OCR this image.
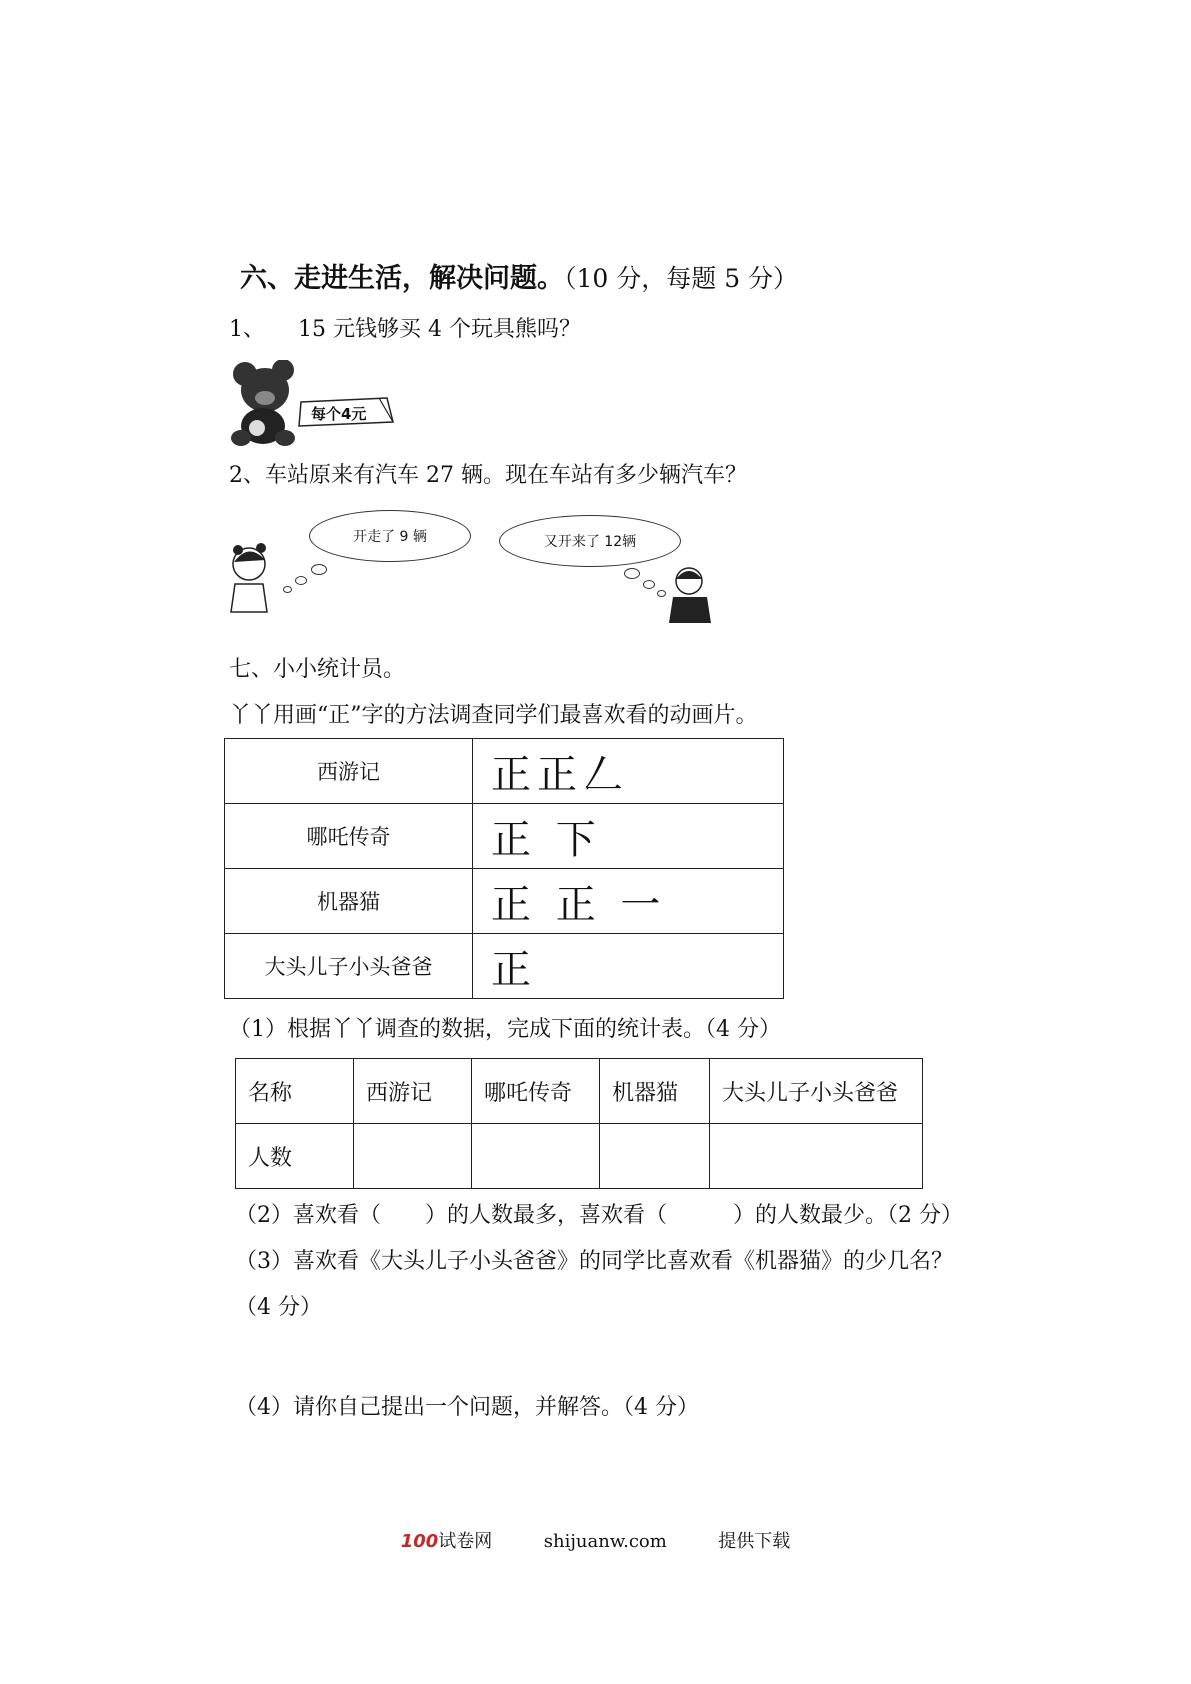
六、走进生活，解决问题。（10 分，每题 5 分）
1、　　15 元钱够买 4 个玩具熊吗？
每个4元
2、车站原来有汽车 27 辆。现在车站有多少辆汽车？
开走了 9 辆	又开来了 12辆
七、小小统计员。
丫丫用画“正”字的方法调查同学们最喜欢看的动画片。
西游记	正正𠃋
哪吒传奇	正 下
机器猫	正 正 一
大头儿子小头爸爸	正
（1）根据丫丫调查的数据，完成下面的统计表。（4 分）
名称	西游记	哪吒传奇	机器猫	大头儿子小头爸爸
人数				
（2）喜欢看（　　）的人数最多，喜欢看（　　　）的人数最少。（2 分）
（3）喜欢看《大头儿子小头爸爸》的同学比喜欢看《机器猫》的少几名？
（4 分）
（4）请你自己提出一个问题，并解答。（4 分）
100试卷网	shijuanw.com	提供下载
